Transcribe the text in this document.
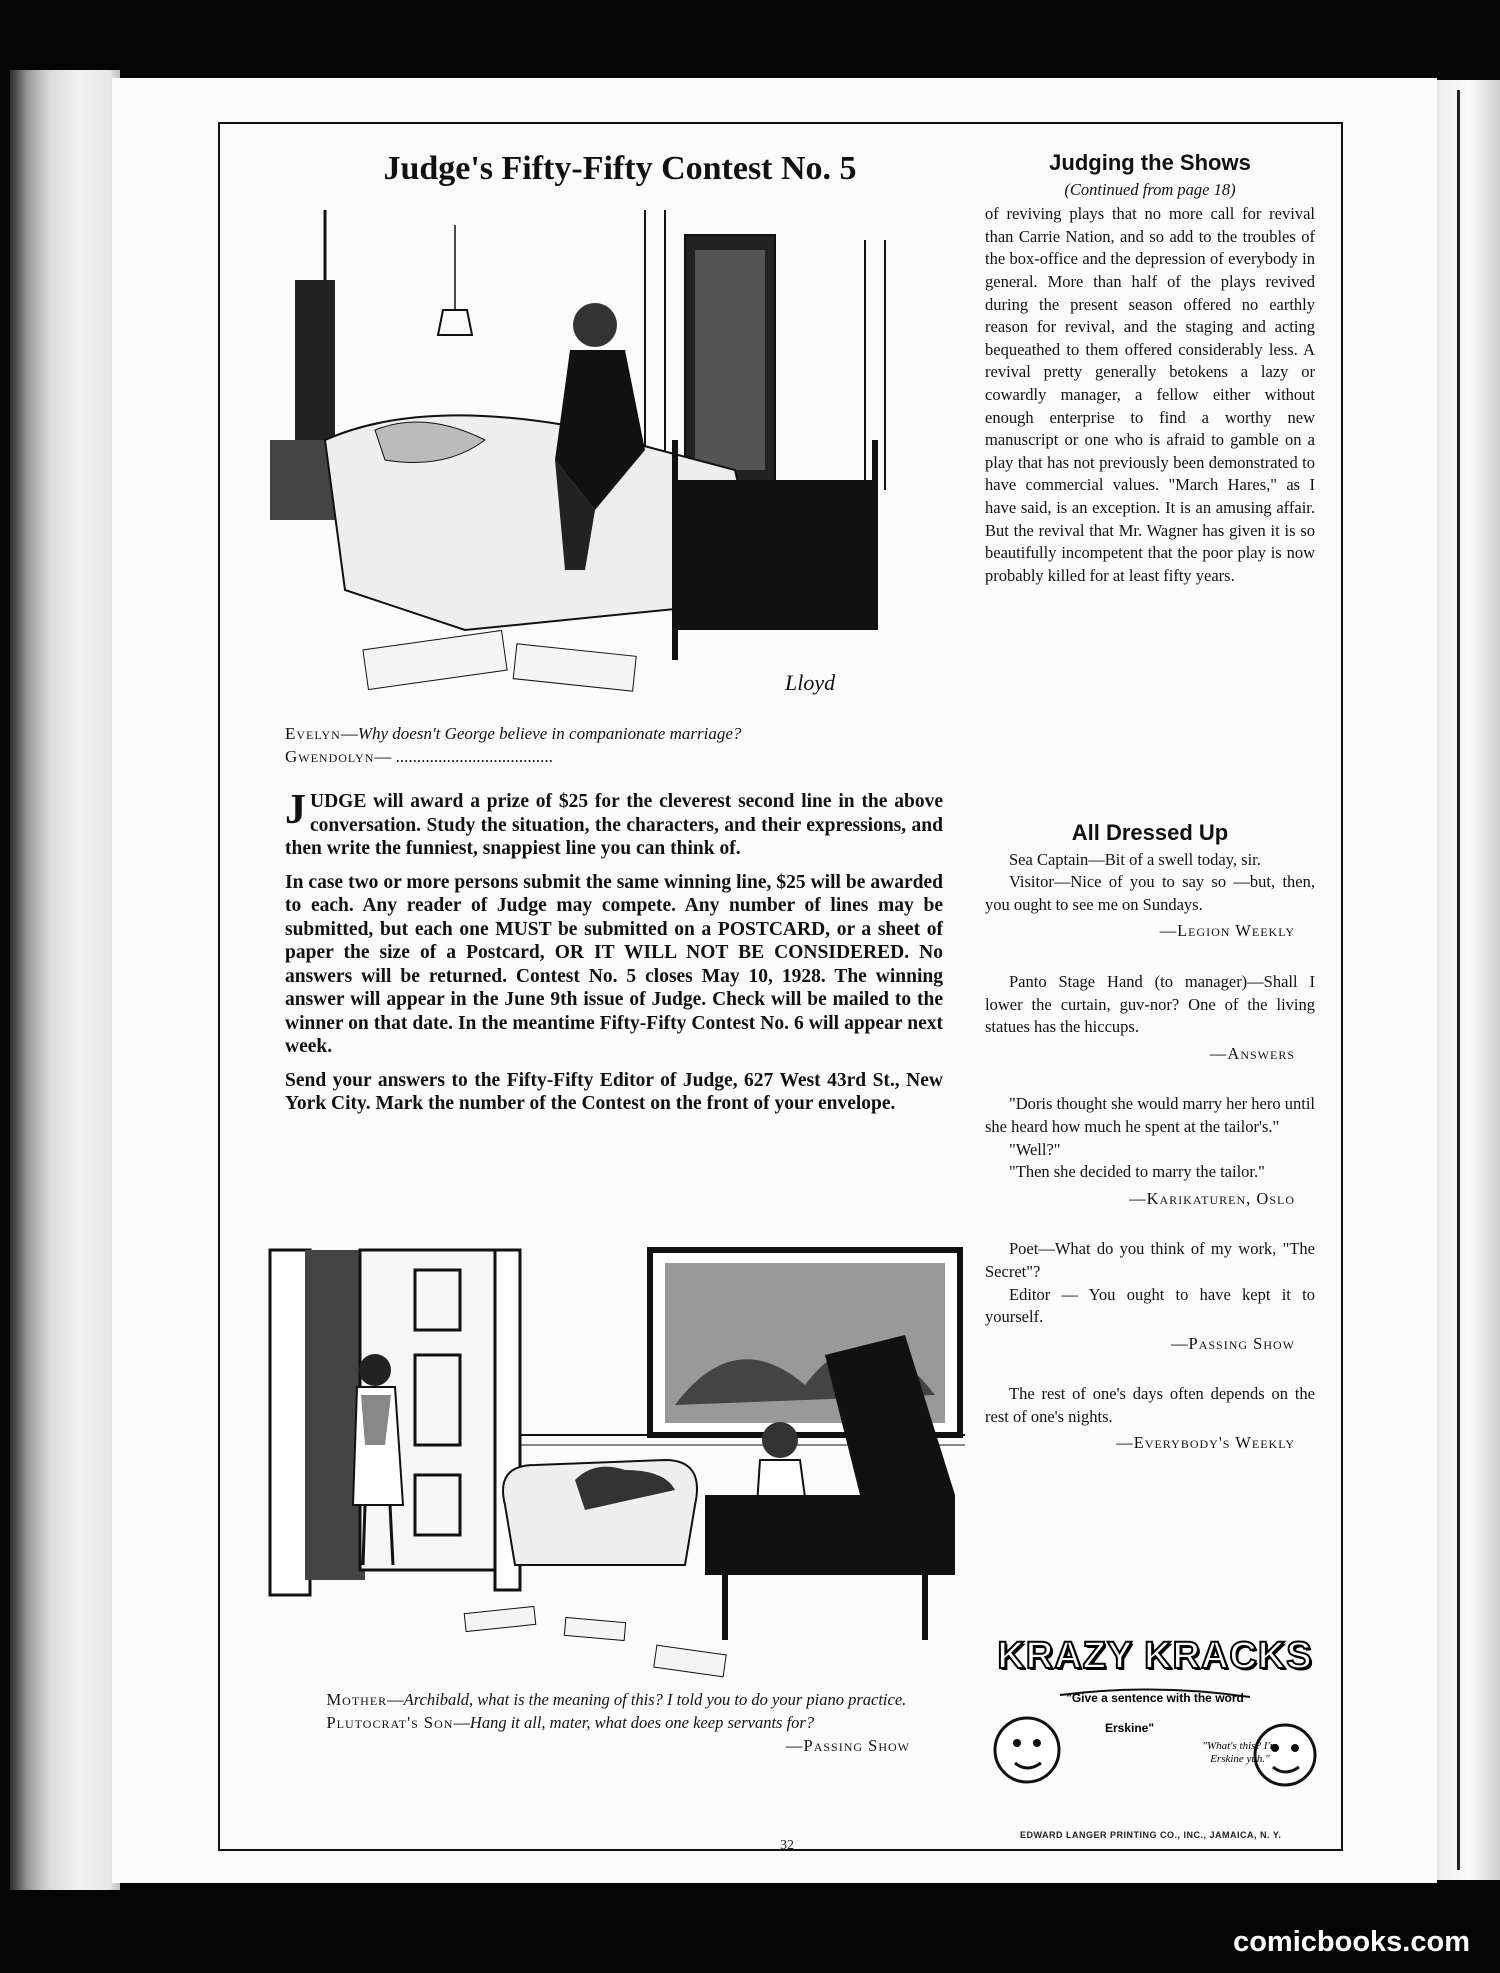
Judge's Fifty-Fifty Contest No. 5
Lloyd
Evelyn—Why doesn't George believe in companionate marriage?
Gwendolyn— .....................................

JUDGE will award a prize of $25 for the cleverest second line in the above conversation. Study the situation, the characters, and their expressions, and then write the funniest, snappiest line you can think of.

In case two or more persons submit the same winning line, $25 will be awarded to each. Any reader of Judge may compete. Any number of lines may be submitted, but each one MUST be submitted on a POSTCARD, or a sheet of paper the size of a Postcard, OR IT WILL NOT BE CONSIDERED. No answers will be returned. Contest No. 5 closes May 10, 1928. The winning answer will appear in the June 9th issue of Judge. Check will be mailed to the winner on that date. In the meantime Fifty-Fifty Contest No. 6 will appear next week.

Send your answers to the Fifty-Fifty Editor of Judge, 627 West 43rd St., New York City. Mark the number of the Contest on the front of your envelope.

Mother—Archibald, what is the meaning of this? I told you to do your piano practice.
Plutocrat's Son—Hang it all, mater, what does one keep servants for?
—Passing Show
Judging the Shows

(Continued from page 18)

of reviving plays that no more call for revival than Carrie Nation, and so add to the troubles of the box-office and the depression of everybody in general. More than half of the plays revived during the present season offered no earthly reason for revival, and the staging and acting bequeathed to them offered considerably less. A revival pretty generally betokens a lazy or cowardly manager, a fellow either without enough enterprise to find a worthy new manuscript or one who is afraid to gamble on a play that has not previously been demonstrated to have commercial values. "March Hares," as I have said, is an exception. It is an amusing affair. But the revival that Mr. Wagner has given it is so beautifully incompetent that the poor play is now probably killed for at least fifty years.

All Dressed Up

Sea Captain—Bit of a swell today, sir.

Visitor—Nice of you to say so —but, then, you ought to see me on Sundays.

—Legion Weekly

Panto Stage Hand (to manager)—Shall I lower the curtain, guv-nor? One of the living statues has the hiccups.

—Answers

"Doris thought she would marry her hero until she heard how much he spent at the tailor's."

"Well?"

"Then she decided to marry the tailor."

—Karikaturen, Oslo

Poet—What do you think of my work, "The Secret"?

Editor — You ought to have kept it to yourself.

—Passing Show

The rest of one's days often depends on the rest of one's nights.

—Everybody's Weekly

KRAZY KRACKS
"Give a sentence with the word
Erskine"
"What's this? I'm Erskine yuh."
32
EDWARD LANGER PRINTING CO., INC., JAMAICA, N. Y.
comicbooks.com
